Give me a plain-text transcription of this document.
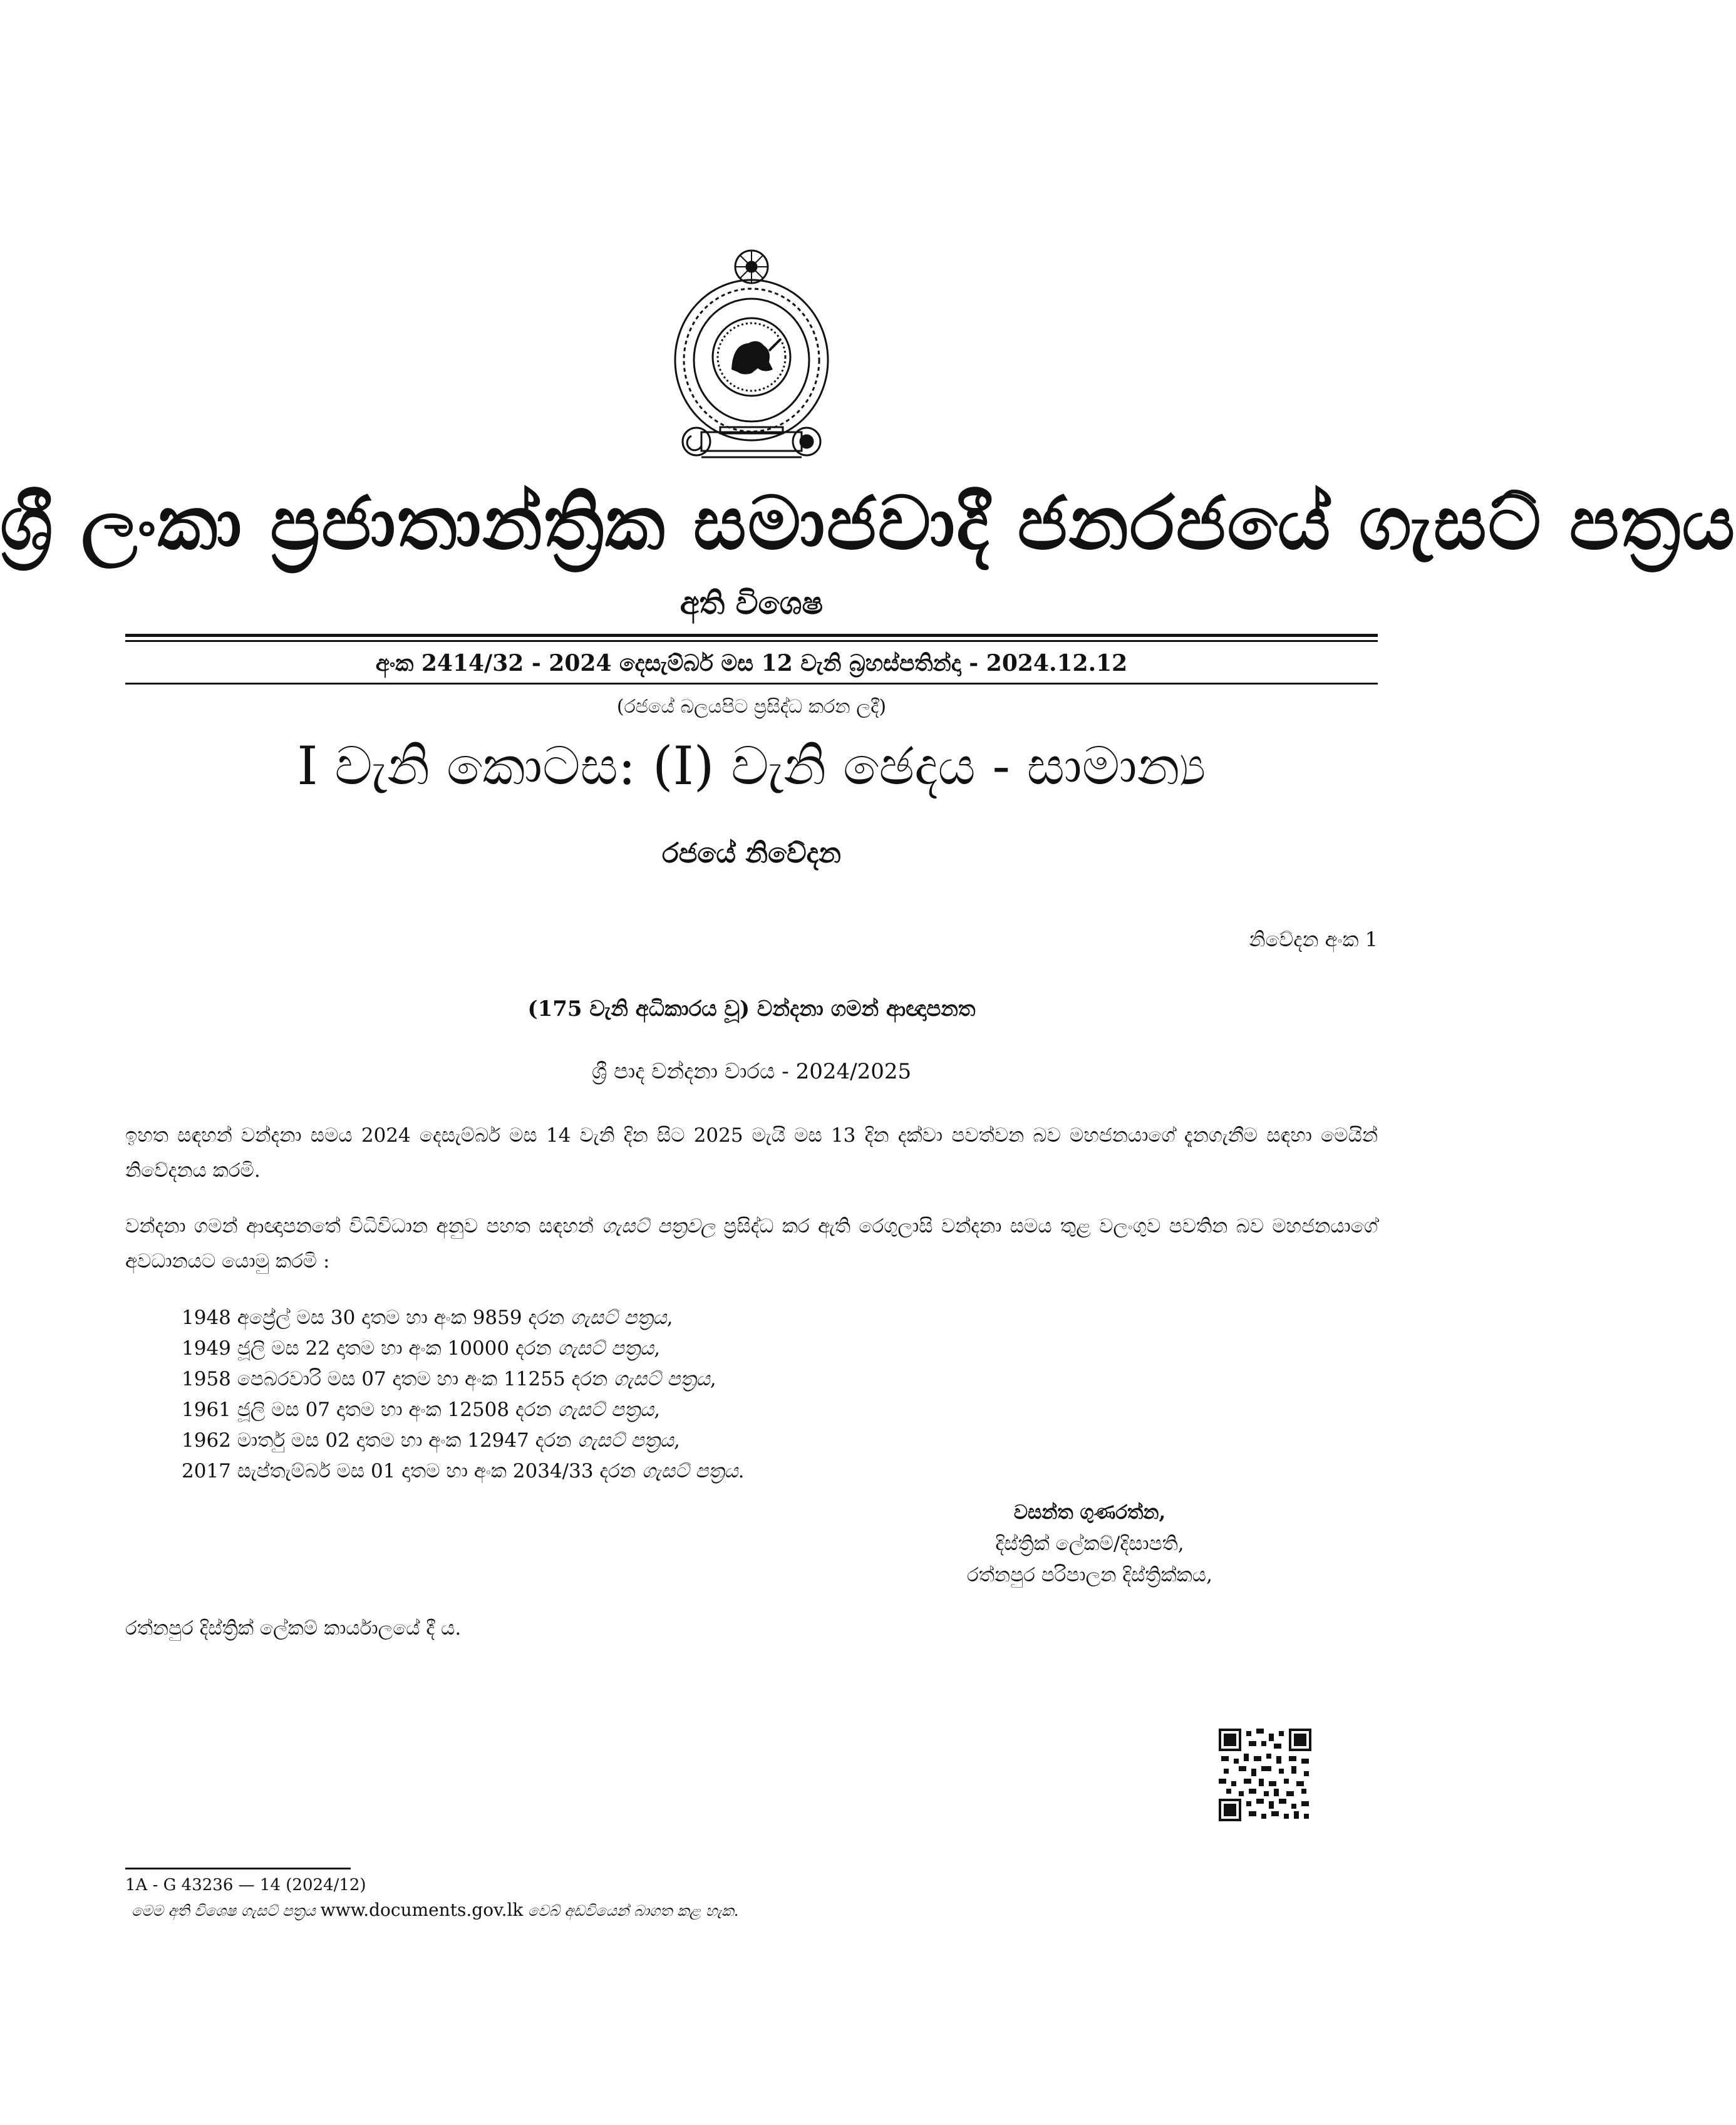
ශ්‍රී ලංකා ප්‍රජාතාන්ත්‍රික සමාජවාදී ජනරජයේ ගැසට් පත්‍රය
අති විශෙෂ
අංක 2414/32 - 2024 දෙසැම්බර් මස 12 වැනි බ්‍රහස්පතින්දා - 2024.12.12
(රජයේ බලයපිට ප්‍රසිද්ධ කරන ලදී)
I වැනි කොටස: (I) වැනි ඡෙදය - සාමාන්‍ය
රජයේ නිවේදන
නිවේදන අංක 1
(175 වැනි අධිකාරය වූ) වන්දනා ගමන් ආඥාපනත
ශ්‍රී පාද වන්දනා වාරය - 2024/2025
ඉහත සඳහන් වන්දනා සමය 2024 දෙසැම්බර් මස 14 වැනි දින සිට 2025 මැයි මස 13 දින දක්වා පවත්වන බව මහජනයාගේ දැනගැනීම සඳහා මෙයින් නිවේදනය කරමි.
වන්දනා ගමන් ආඥාපනතේ විධිවිධාන අනුව පහත සඳහන් ගැසට් පත්‍රවල ප්‍රසිද්ධ කර ඇති රෙගුලාසි වන්දනා සමය තුළ වලංගුව පවතින බව මහජනයාගේ අවධානයට යොමු කරමි :
1948 අප්‍රේල් මස 30 දාතම හා අංක 9859 දරන ගැසට් පත්‍රය,
1949 ජූලි මස 22 දාතම හා අංක 10000 දරන ගැසට් පත්‍රය,
1958 පෙබරවාරි මස 07 දාතම හා අංක 11255 දරන ගැසට් පත්‍රය,
1961 ජූලි මස 07 දාතම හා අංක 12508 දරන ගැසට් පත්‍රය,
1962 මාර්තු මස 02 දාතම හා අංක 12947 දරන ගැසට් පත්‍රය,
2017 සැප්තැම්බර් මස 01 දාතම හා අංක 2034/33 දරන ගැසට් පත්‍රය.
වසන්ත ගුණරත්න,
දිස්ත්‍රික් ලේකම්/දිසාපති,
රත්නපුර පරිපාලන දිස්ත්‍රික්කය,
රත්නපුර දිස්ත්‍රික් ලේකම් කාර්යාලයේ දී ය.
1A - G 43236 — 14 (2024/12)
මෙම අති විශෙෂ ගැසට් පත්‍රය www.documents.gov.lk වෙබ් අඩවියෙන් බාගත කළ හැක.
